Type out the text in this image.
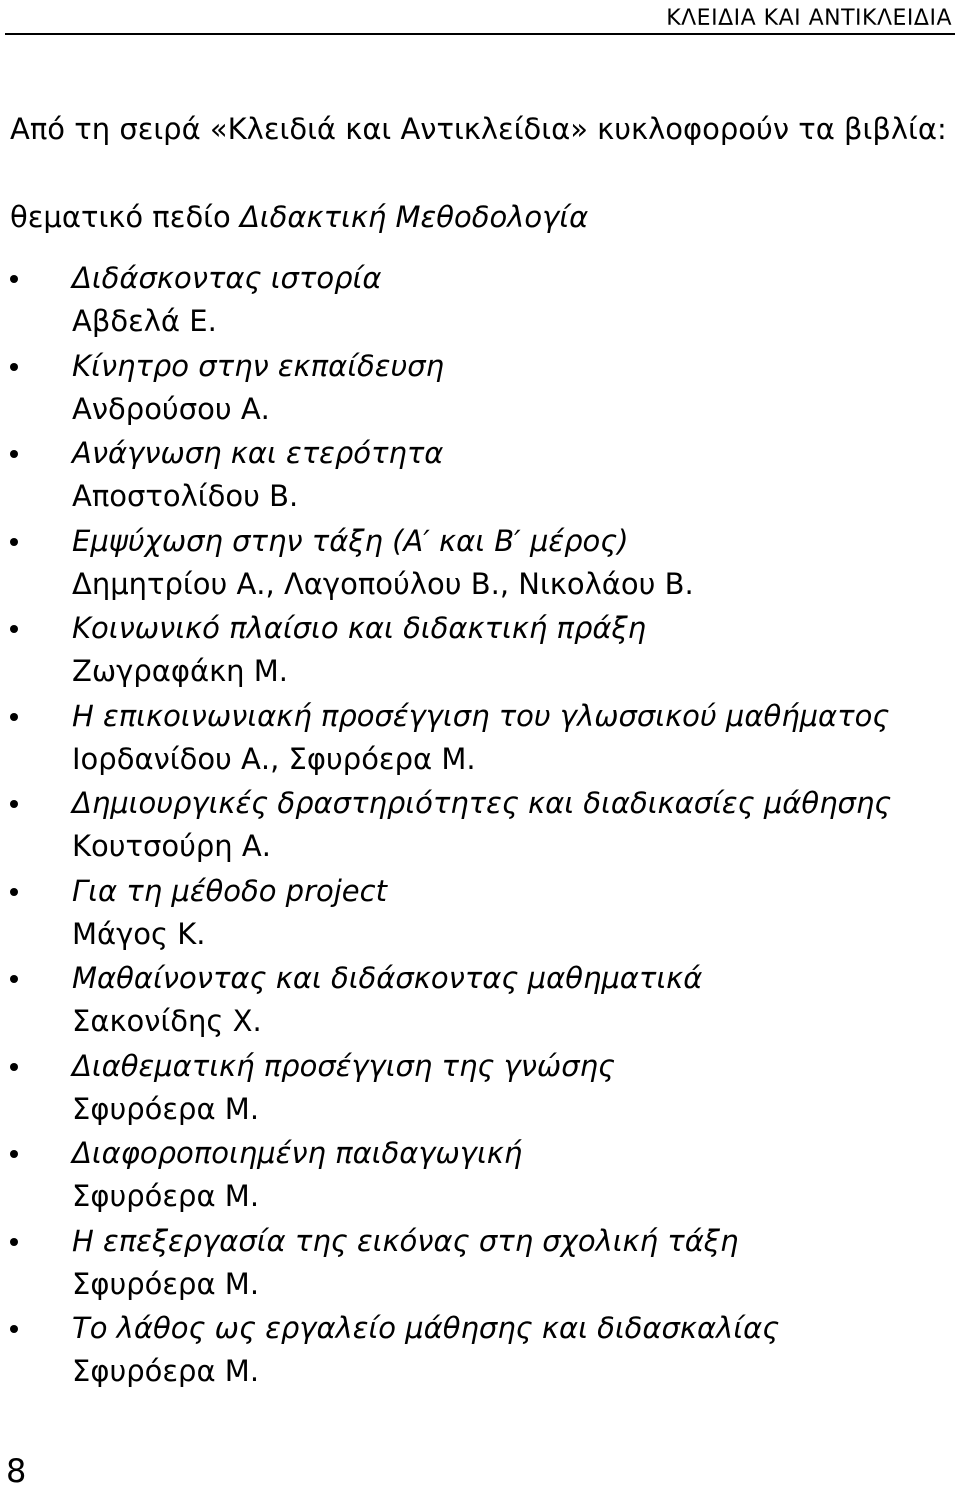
ΚΛΕΙΔΙΑ ΚΑΙ ΑΝΤΙΚΛΕΙΔΙΑ
Από τη σειρά «Κλειδιά και Αντικλείδια» κυκλοφορούν τα βιβλία:
θεματικό πεδίο Διδακτική Μεθοδολογία
Διδάσκοντας ιστορία
Αβδελά Ε.
Κίνητρο στην εκπαίδευση
Ανδρούσου Α.
Ανάγνωση και ετερότητα
Αποστολίδου Β.
Εμψύχωση στην τάξη (Α′ και Β′ μέρος)
Δημητρίου Α., Λαγοπούλου Β., Νικολάου Β.
Κοινωνικό πλαίσιο και διδακτική πράξη
Ζωγραφάκη Μ.
Η επικοινωνιακή προσέγγιση του γλωσσικού μαθήματος
Ιορδανίδου Α., Σφυρόερα Μ.
Δημιουργικές δραστηριότητες και διαδικασίες μάθησης
Κουτσούρη Α.
Για τη μέθοδο project
Μάγος Κ.
Μαθαίνοντας και διδάσκοντας μαθηματικά
Σακονίδης Χ.
Διαθεματική προσέγγιση της γνώσης
Σφυρόερα Μ.
Διαφοροποιημένη παιδαγωγική
Σφυρόερα Μ.
Η επεξεργασία της εικόνας στη σχολική τάξη
Σφυρόερα Μ.
Το λάθος ως εργαλείο μάθησης και διδασκαλίας
Σφυρόερα Μ.
8
